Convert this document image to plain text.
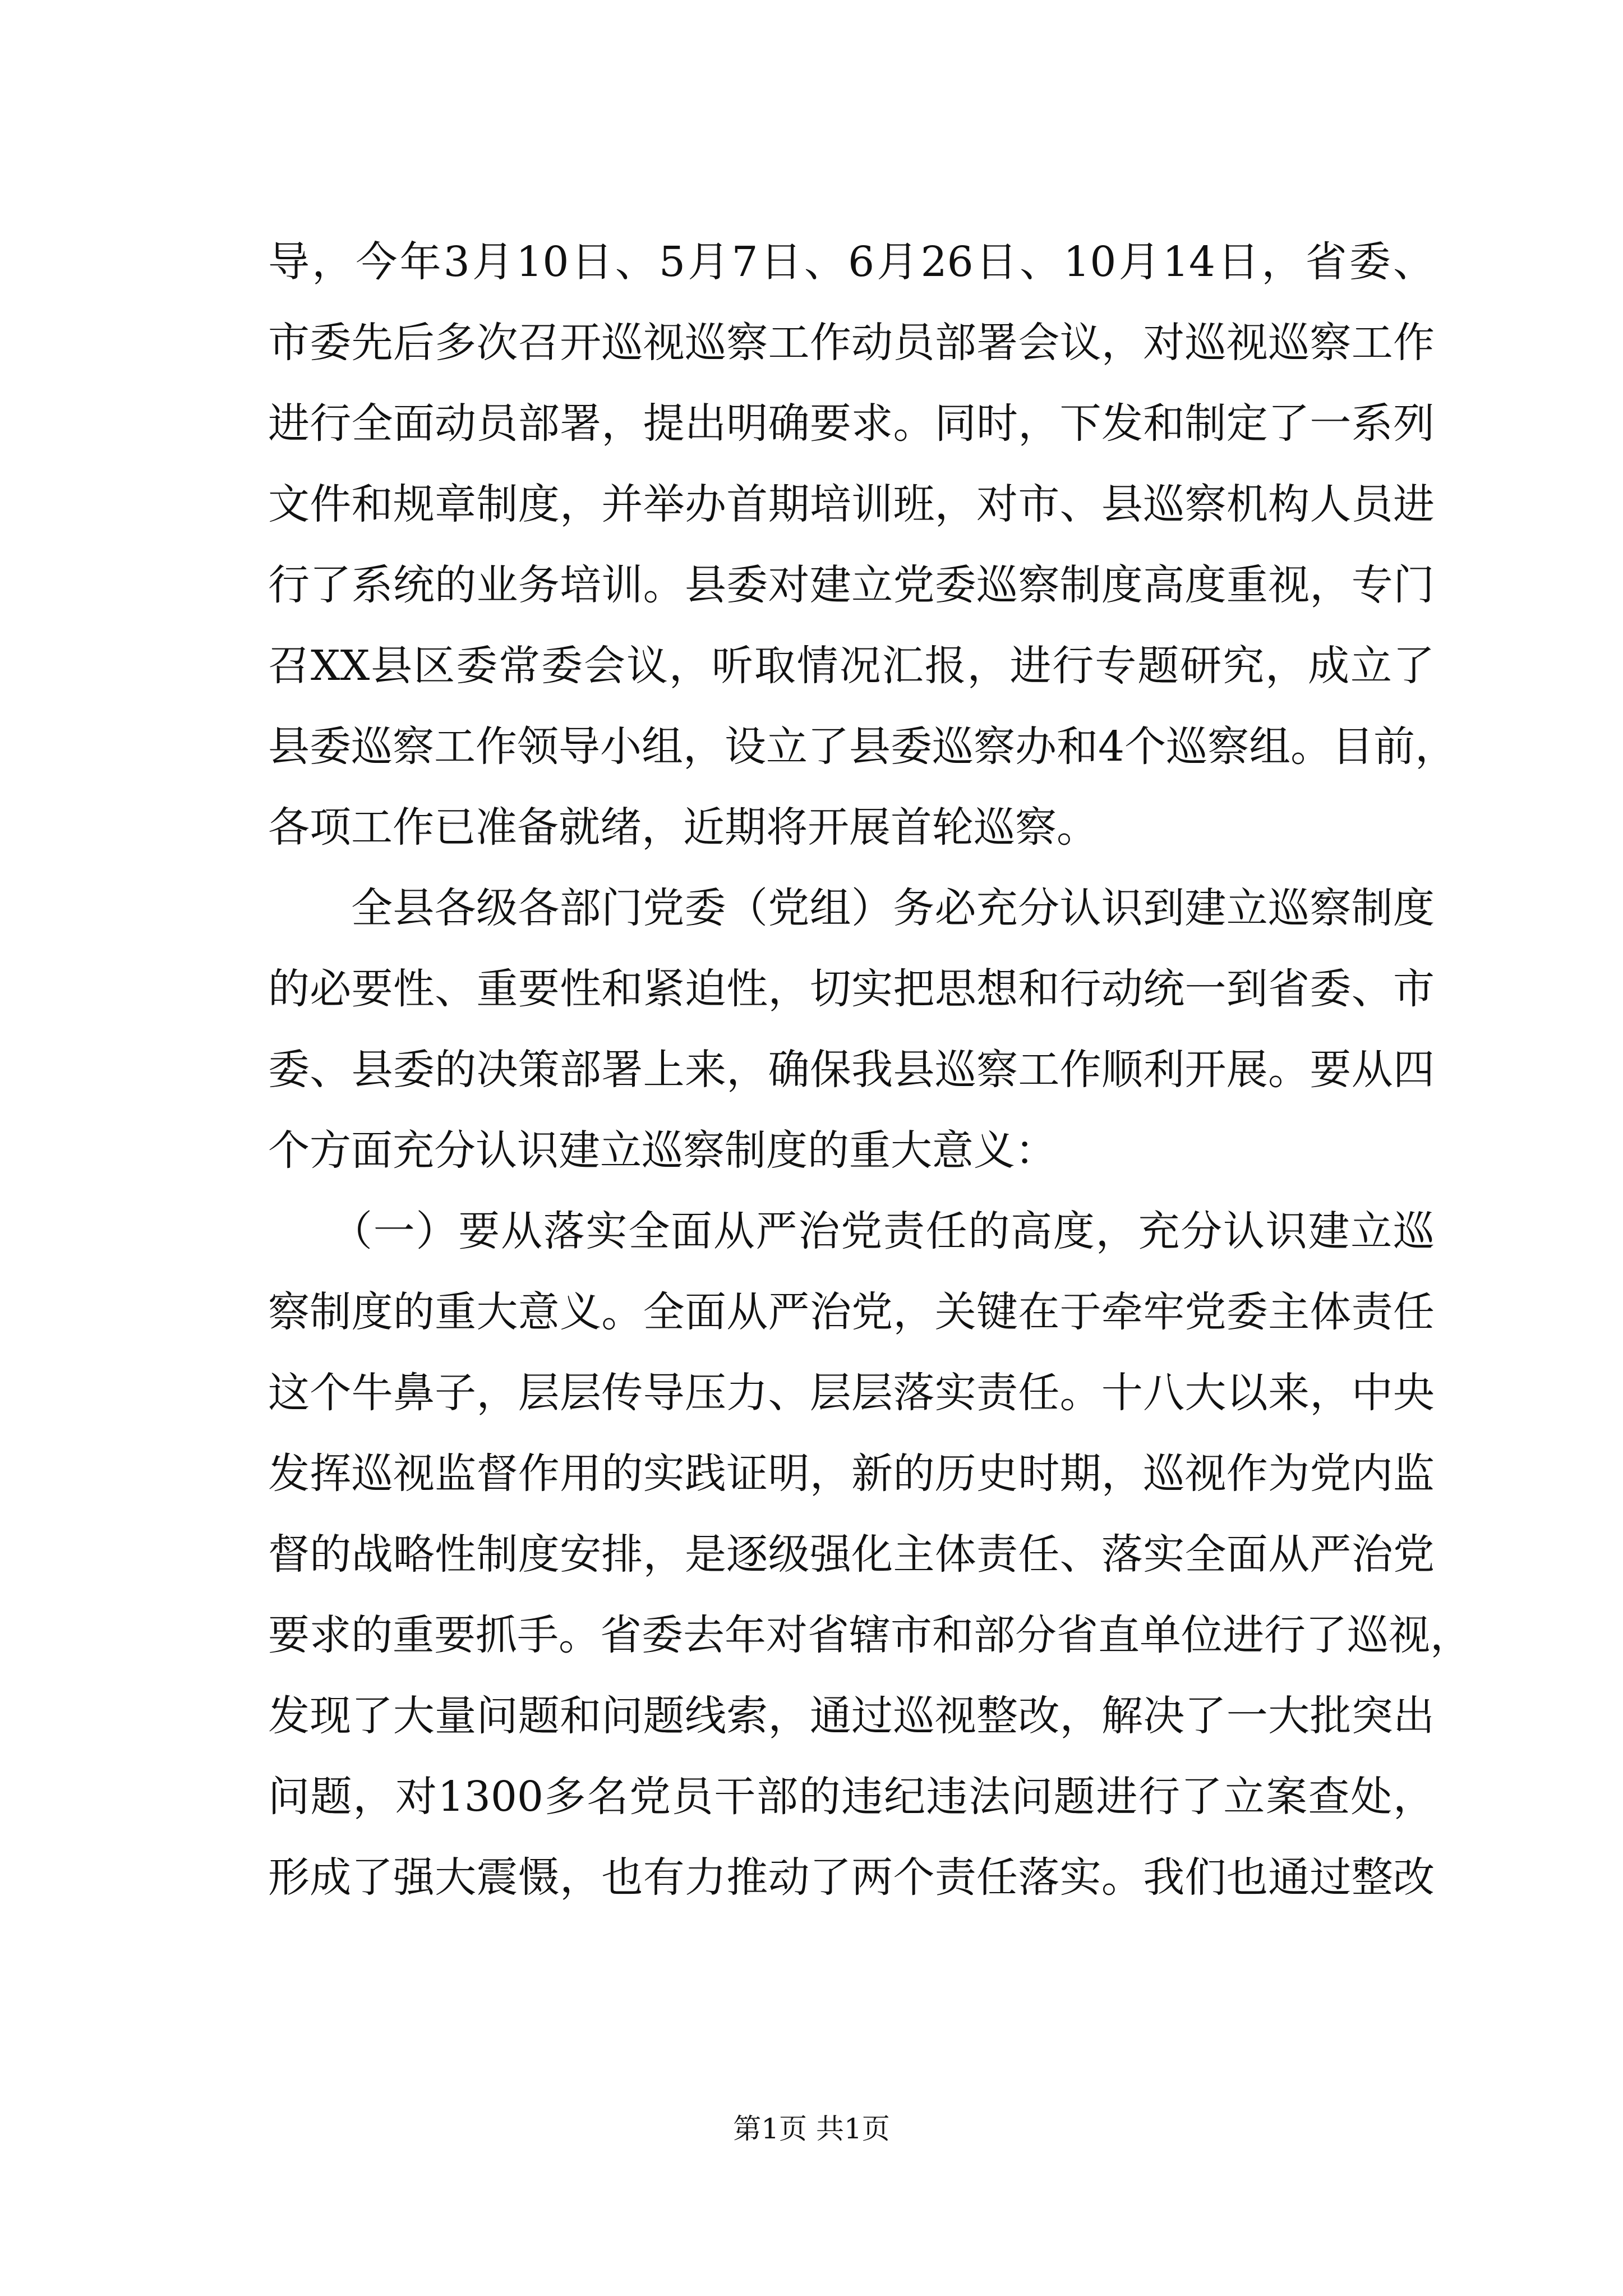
导，今年3月10日、5月7日、6月26日、10月14日，省委、
市委先后多次召开巡视巡察工作动员部署会议，对巡视巡察工作
进行全面动员部署，提出明确要求。同时，下发和制定了一系列
文件和规章制度，并举办首期培训班，对市、县巡察机构人员进
行了系统的业务培训。县委对建立党委巡察制度高度重视，专门
召XX县区委常委会议，听取情况汇报，进行专题研究，成立了
县委巡察工作领导小组，设立了县委巡察办和4个巡察组。目前，
各项工作已准备就绪，近期将开展首轮巡察。
全县各级各部门党委（党组）务必充分认识到建立巡察制度
的必要性、重要性和紧迫性，切实把思想和行动统一到省委、市
委、县委的决策部署上来，确保我县巡察工作顺利开展。要从四
个方面充分认识建立巡察制度的重大意义：
（一）要从落实全面从严治党责任的高度，充分认识建立巡
察制度的重大意义。全面从严治党，关键在于牵牢党委主体责任
这个牛鼻子，层层传导压力、层层落实责任。十八大以来，中央
发挥巡视监督作用的实践证明，新的历史时期，巡视作为党内监
督的战略性制度安排，是逐级强化主体责任、落实全面从严治党
要求的重要抓手。省委去年对省辖市和部分省直单位进行了巡视，
发现了大量问题和问题线索，通过巡视整改，解决了一大批突出
问题，对1300多名党员干部的违纪违法问题进行了立案查处，
形成了强大震慑，也有力推动了两个责任落实。我们也通过整改
第1页 共1页
